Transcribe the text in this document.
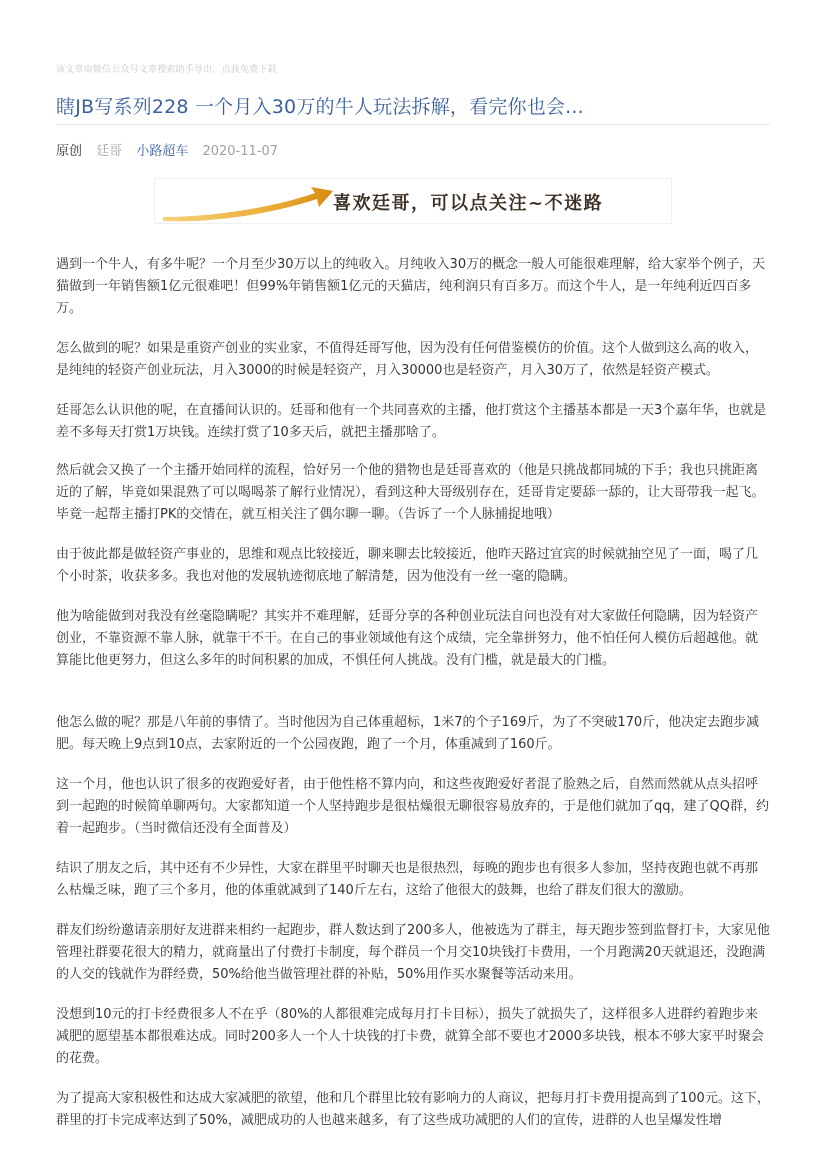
该文章由微信公众号文章搜索助手导出，点我免费下载
瞎JB写系列228 一个月入30万的牛人玩法拆解，看完你也会...
原创 廷哥 小路超车 2020-11-07
喜欢廷哥，可以点关注~不迷路

遇到一个牛人，有多牛呢？一个月至少30万以上的纯收入。月纯收入30万的概念一般人可能很难理解，给大家举个例子，天猫做到一年销售额1亿元很难吧！但99%年销售额1亿元的天猫店，纯利润只有百多万。而这个牛人，是一年纯利近四百多万。

怎么做到的呢？如果是重资产创业的实业家，不值得廷哥写他，因为没有任何借鉴模仿的价值。这个人做到这么高的收入，是纯纯的轻资产创业玩法，月入3000的时候是轻资产，月入30000也是轻资产，月入30万了，依然是轻资产模式。

廷哥怎么认识他的呢，在直播间认识的。廷哥和他有一个共同喜欢的主播，他打赏这个主播基本都是一天3个嘉年华，也就是差不多每天打赏1万块钱。连续打赏了10多天后，就把主播那啥了。

然后就会又换了一个主播开始同样的流程，恰好另一个他的猎物也是廷哥喜欢的（他是只挑战都同城的下手；我也只挑距离近的了解，毕竟如果混熟了可以喝喝茶了解行业情况），看到这种大哥级别存在，廷哥肯定要舔一舔的，让大哥带我一起飞。毕竟一起帮主播打PK的交情在，就互相关注了偶尔聊一聊。（告诉了一个人脉捕捉地哦）

由于彼此都是做轻资产事业的，思维和观点比较接近，聊来聊去比较接近，他昨天路过宜宾的时候就抽空见了一面，喝了几个小时茶，收获多多。我也对他的发展轨迹彻底地了解清楚，因为他没有一丝一毫的隐瞒。

他为啥能做到对我没有丝毫隐瞒呢？其实并不难理解，廷哥分享的各种创业玩法自问也没有对大家做任何隐瞒，因为轻资产创业，不靠资源不靠人脉，就靠干不干。在自己的事业领域他有这个成绩，完全靠拼努力，他不怕任何人模仿后超越他。就算能比他更努力，但这么多年的时间积累的加成，不惧任何人挑战。没有门槛，就是最大的门槛。

他怎么做的呢？那是八年前的事情了。当时他因为自己体重超标，1米7的个子169斤，为了不突破170斤，他决定去跑步减肥。每天晚上9点到10点，去家附近的一个公园夜跑，跑了一个月，体重减到了160斤。

这一个月，他也认识了很多的夜跑爱好者，由于他性格不算内向，和这些夜跑爱好者混了脸熟之后，自然而然就从点头招呼到一起跑的时候简单聊两句。大家都知道一个人坚持跑步是很枯燥很无聊很容易放弃的，于是他们就加了qq，建了QQ群，约着一起跑步。（当时微信还没有全面普及）

结识了朋友之后，其中还有不少异性，大家在群里平时聊天也是很热烈，每晚的跑步也有很多人参加，坚持夜跑也就不再那么枯燥乏味，跑了三个多月，他的体重就减到了140斤左右，这给了他很大的鼓舞，也给了群友们很大的激励。

群友们纷纷邀请亲朋好友进群来相约一起跑步，群人数达到了200多人，他被选为了群主，每天跑步签到监督打卡，大家见他管理社群要花很大的精力，就商量出了付费打卡制度，每个群员一个月交10块钱打卡费用，一个月跑满20天就退还，没跑满的人交的钱就作为群经费，50%给他当做管理社群的补贴，50%用作买水聚餐等活动来用。

没想到10元的打卡经费很多人不在乎（80%的人都很难完成每月打卡目标），损失了就损失了，这样很多人进群约着跑步来减肥的愿望基本都很难达成。同时200多人一个人十块钱的打卡费，就算全部不要也才2000多块钱，根本不够大家平时聚会的花费。

为了提高大家积极性和达成大家减肥的欲望，他和几个群里比较有影响力的人商议，把每月打卡费用提高到了100元。这下，群里的打卡完成率达到了50%，减肥成功的人也越来越多，有了这些成功减肥的人们的宣传，进群的人也呈爆发性增
